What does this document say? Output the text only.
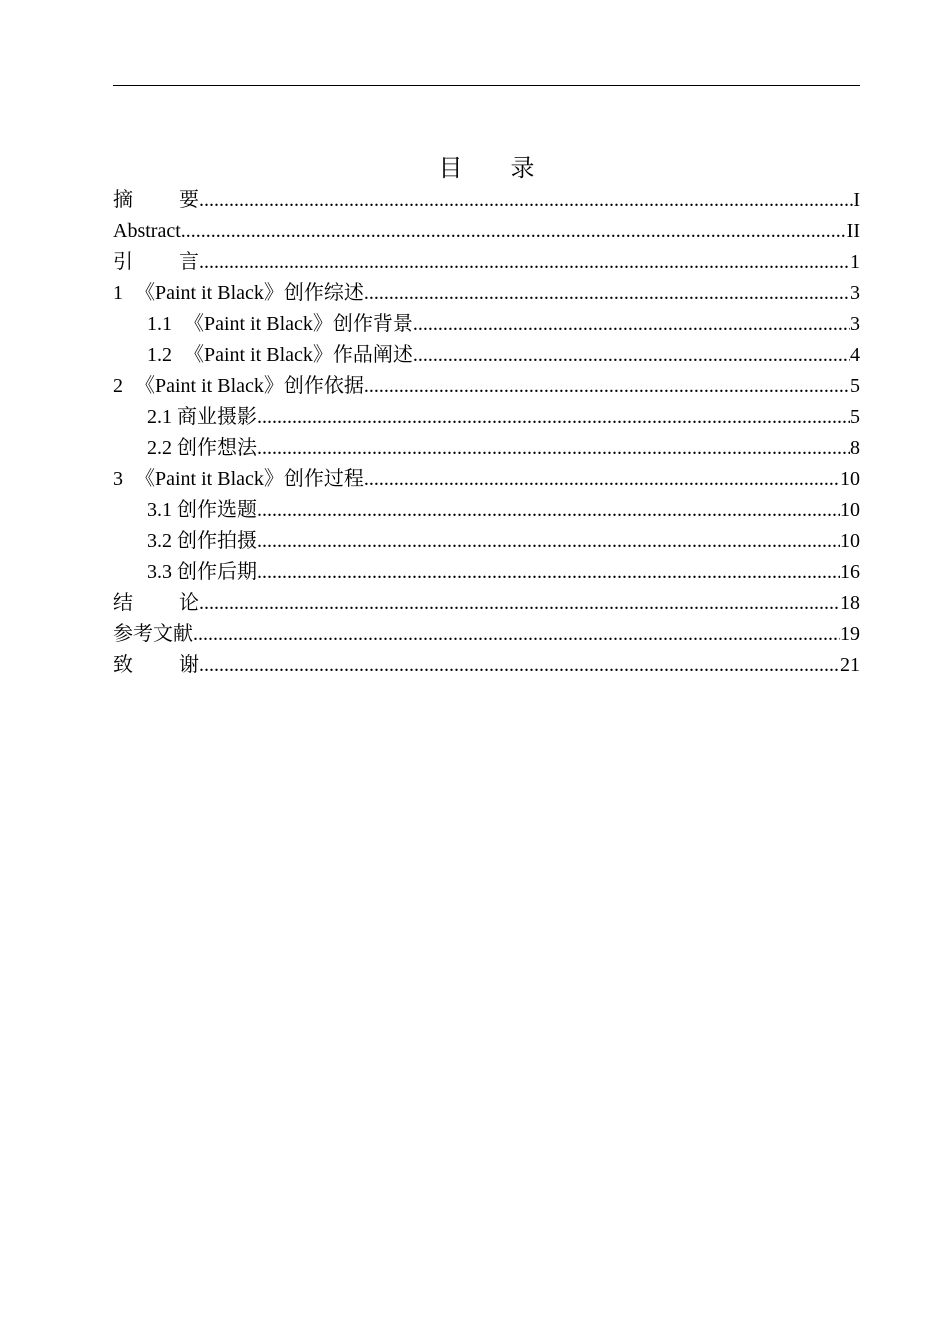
目 录
摘 要 .....	I
Abstract .....	II
引 言 .....	1
1 《Paint it Black》创作综述 .....	3
1.1 《Paint it Black》创作背景 .....	3
1.2 《Paint it Black》作品阐述 .....	4
2 《Paint it Black》创作依据 .....	5
2.1 商业摄影 .....	5
2.2 创作想法 .....	8
3 《Paint it Black》创作过程 .....	10
3.1 创作选题 .....	10
3.2 创作拍摄 .....	10
3.3 创作后期 .....	16
结 论 .....	18
参考文献 .....	19
致 谢 .....	21
